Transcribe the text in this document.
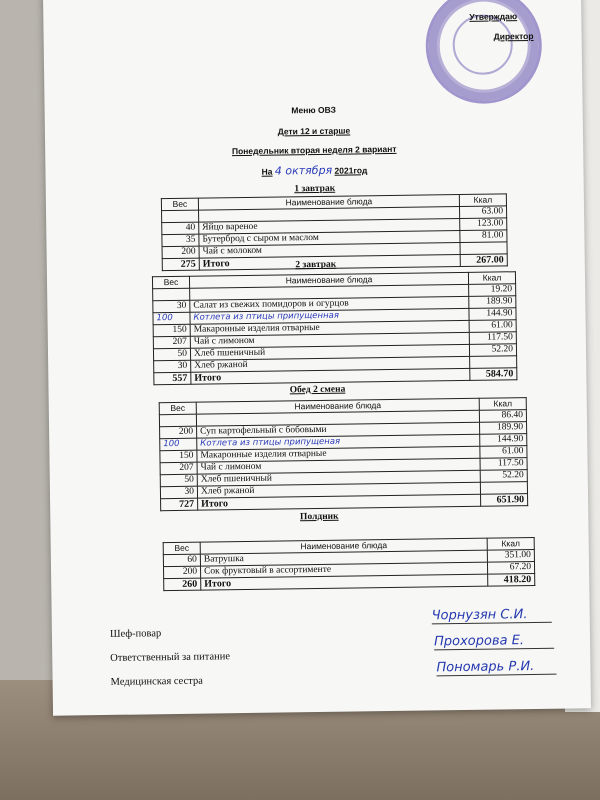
Утверждаю
Директор
Меню ОВЗ
Дети 12 и старше
Понедельник вторая неделя 2 вариант
На 4 октября 2021год
1 завтрак
Вес	Наименование блюда	Ккал
		63.00
40	Яйцо вареное	123.00
35	Бутерброд с сыром и маслом	81.00
200	Чай с молоком	
275	Итого	267.00
2 завтрак
Вес	Наименование блюда	Ккал
		19.20
30	Салат из свежих помидоров и огурцов	189.90
100	Котлета из птицы припущенная	144.90
150	Макаронные изделия отварные	61.00
207	Чай с лимоном	117.50
50	Хлеб пшеничный	52.20
30	Хлеб ржаной	
557	Итого	584.70
Обед 2 смена
Вес	Наименование блюда	Ккал
		86.40
200	Суп картофельный с бобовыми	189.90
100	Котлета из птицы припущеная	144.90
150	Макаронные изделия отварные	61.00
207	Чай с лимоном	117.50
50	Хлеб пшеничный	52.20
30	Хлеб ржаной	
727	Итого	651.90
Полдник
Вес	Наименование блюда	Ккал
60	Ватрушка	351.00
200	Сок фруктовый в ассортименте	67.20
260	Итого	418.20
Шеф-повар
Чорнузян С.И.
Ответственный за питание
Прохорова Е.
Медицинская сестра
Пономарь Р.И.
